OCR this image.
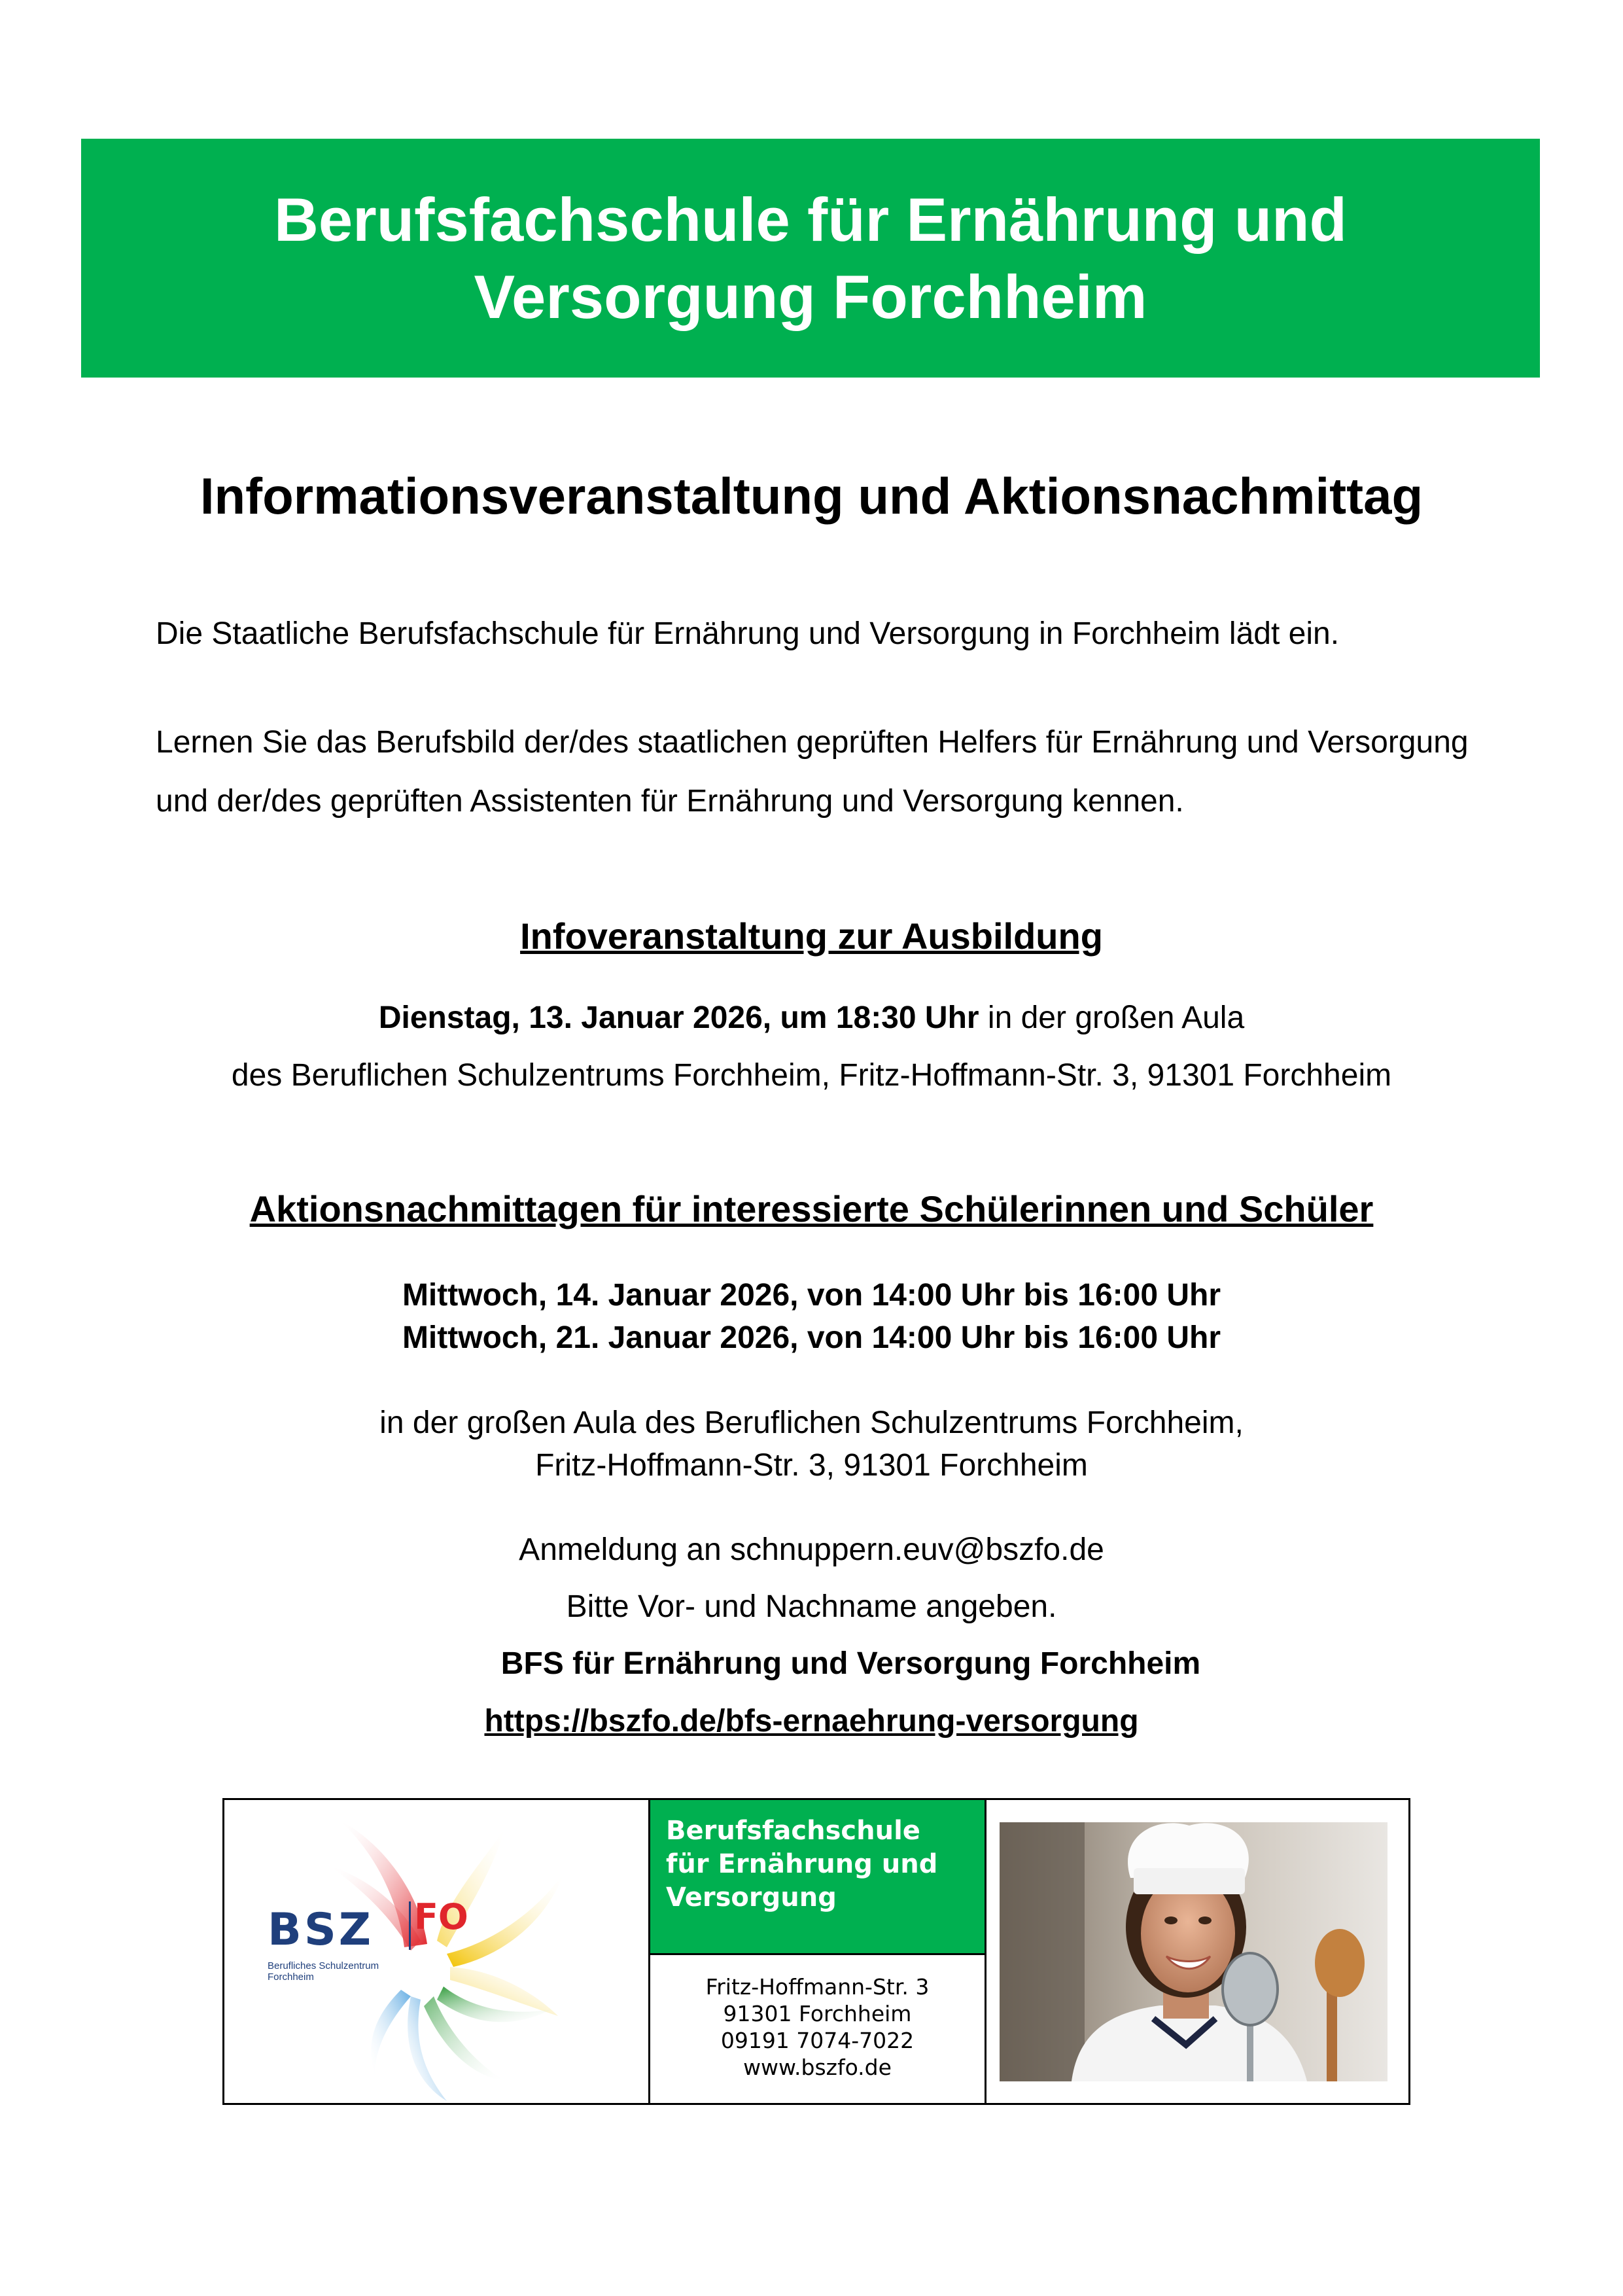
Berufsfachschule für Ernährung und Versorgung Forchheim
Informationsveranstaltung und Aktionsnachmittag

Die Staatliche Berufsfachschule für Ernährung und Versorgung in Forchheim lädt ein.

Lernen Sie das Berufsbild der/des staatlichen geprüften Helfers für Ernährung und Versorgung und der/des geprüften Assistenten für Ernährung und Versorgung kennen.

Infoveranstaltung zur Ausbildung

Dienstag, 13. Januar 2026, um 18:30 Uhr in der großen Aula

des Beruflichen Schulzentrums Forchheim, Fritz-Hoffmann-Str. 3, 91301 Forchheim

Aktionsnachmittagen für interessierte Schülerinnen und Schüler

Mittwoch, 14. Januar 2026, von 14:00 Uhr bis 16:00 Uhr

Mittwoch, 21. Januar 2026, von 14:00 Uhr bis 16:00 Uhr

in der großen Aula des Beruflichen Schulzentrums Forchheim,

Fritz-Hoffmann-Str. 3, 91301 Forchheim

Anmeldung an schnuppern.euv@bszfo.de

Bitte Vor- und Nachname angeben.

BFS für Ernährung und Versorgung Forchheim

https://bszfo.de/bfs-ernaehrung-versorgung

BSZ FO
Berufliches Schulzentrum
Forchheim
Berufsfachschule
für Ernährung und
Versorgung
Fritz-Hoffmann-Str. 3
91301 Forchheim
09191 7074-7022
www.bszfo.de
